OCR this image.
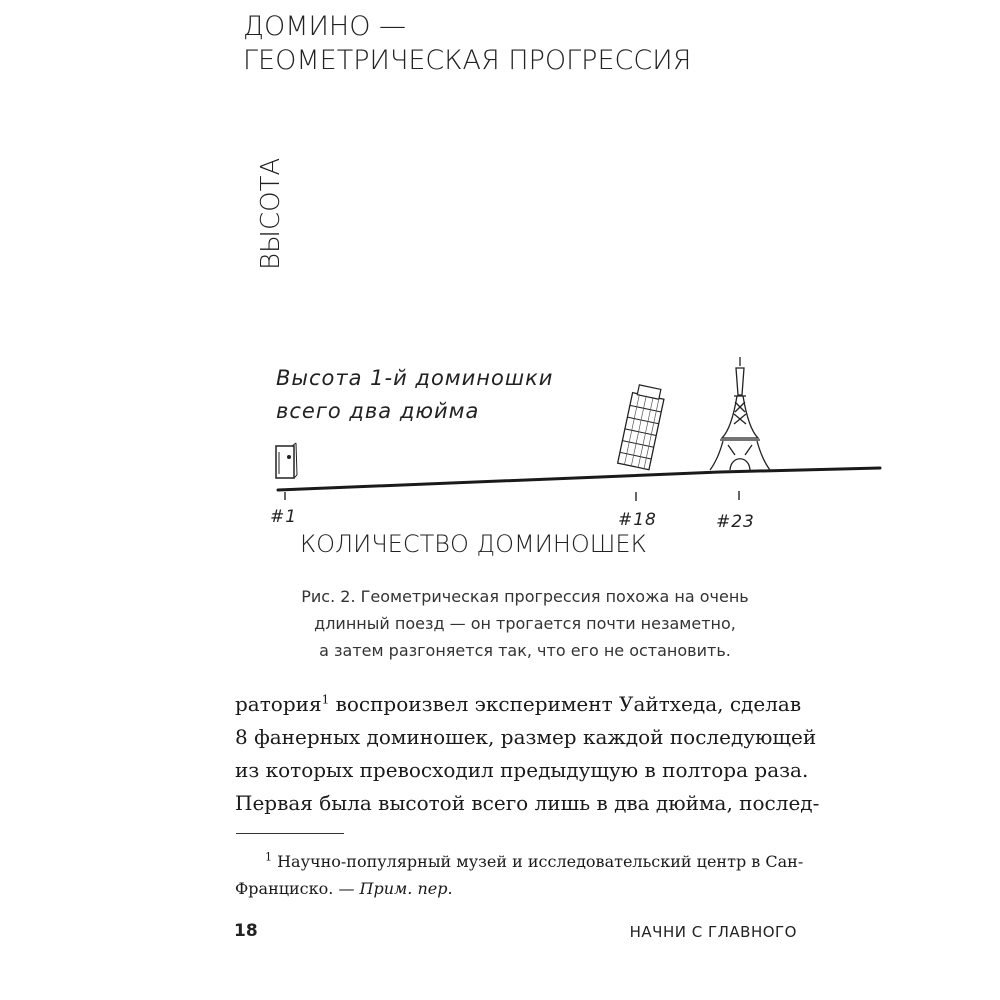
ДОМИНО —
ГЕОМЕТРИЧЕСКАЯ ПРОГРЕССИЯ
ВЫСОТА
Высота 1-й доминошки
всего два дюйма
#1	#18	#23
КОЛИЧЕСТВО ДОМИНОШЕК
Рис. 2. Геометрическая прогрессия похожа на очень
длинный поезд — он трогается почти незаметно,
а затем разгоняется так, что его не остановить.
ратория$^1$ воспроизвел эксперимент Уайтхеда, сделав
8 фанерных доминошек, размер каждой последующей
из которых превосходил предыдущую в полтора раза.
Первая была высотой всего лишь в два дюйма, послед-
$^1$ Научно-популярный музей и исследовательский центр в Сан-
Франциско. — Прим. пер.
18	НАЧНИ С ГЛАВНОГО
